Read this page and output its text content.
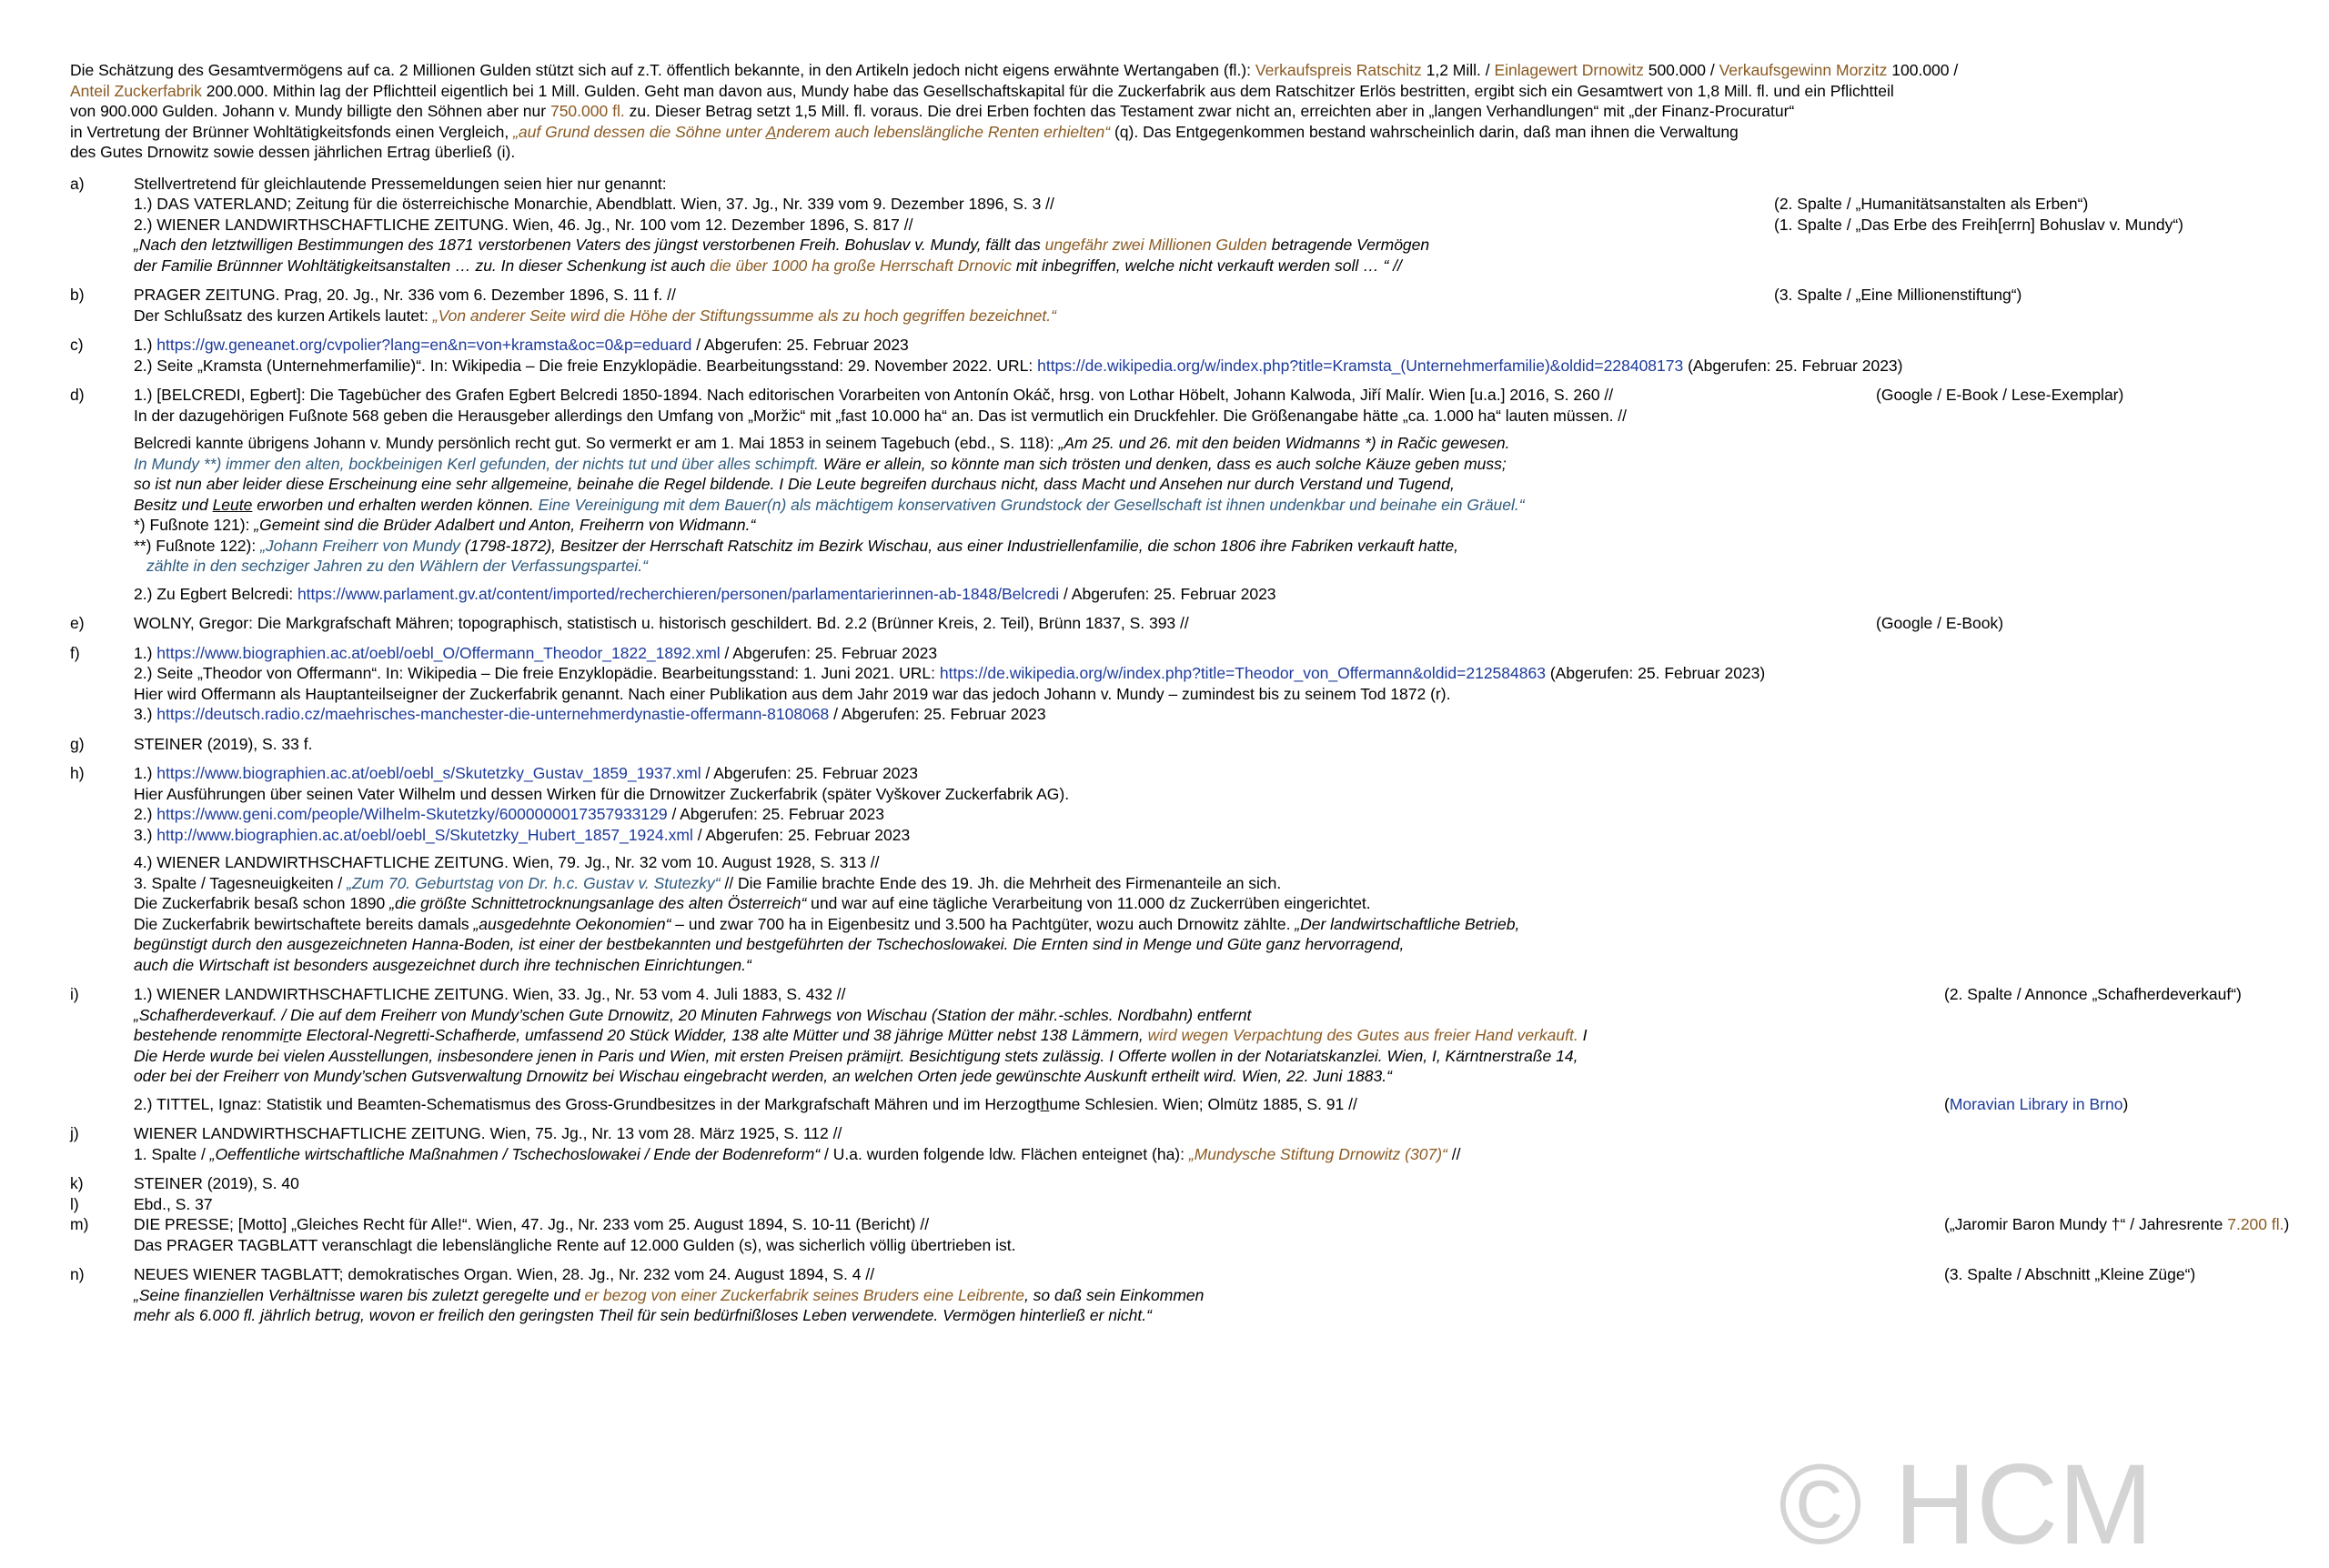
Die Schätzung des Gesamtvermögens auf ca. 2 Millionen Gulden stützt sich auf z.T. öffentlich bekannte, in den Artikeln jedoch nicht eigens erwähnte Wertangaben (fl.): Verkaufspreis Ratschitz 1,2 Mill. / Einlagewert Drnowitz 500.000 / Verkaufsgewinn Morzitz 100.000 /
Anteil Zuckerfabrik 200.000. Mithin lag der Pflichtteil eigentlich bei 1 Mill. Gulden. Geht man davon aus, Mundy habe das Gesellschaftskapital für die Zuckerfabrik aus dem Ratschitzer Erlös bestritten, ergibt sich ein Gesamtwert von 1,8 Mill. fl. und ein Pflichtteil
von 900.000 Gulden. Johann v. Mundy billigte den Söhnen aber nur 750.000 fl. zu. Dieser Betrag setzt 1,5 Mill. fl. voraus. Die drei Erben fochten das Testament zwar nicht an, erreichten aber in „langen Verhandlungen“ mit „der Finanz-Procuratur“
in Vertretung der Brünner Wohltätigkeitsfonds einen Vergleich, „auf Grund dessen die Söhne unter Anderem auch lebenslängliche Renten erhielten“ (q). Das Entgegenkommen bestand wahrscheinlich darin, daß man ihnen die Verwaltung
des Gutes Drnowitz sowie dessen jährlichen Ertrag überließ (i).
a)	Stellvertretend für gleichlautende Pressemeldungen seien hier nur genannt:
1.) DAS VATERLAND; Zeitung für die österreichische Monarchie, Abendblatt. Wien, 37. Jg., Nr. 339 vom 9. Dezember 1896, S. 3 //	(2. Spalte / „Humanitätsanstalten als Erben“)
2.) WIENER LANDWIRTHSCHAFTLICHE ZEITUNG. Wien, 46. Jg., Nr. 100 vom 12. Dezember 1896, S. 817 //	(1. Spalte / „Das Erbe des Freih[errn] Bohuslav v. Mundy“)
„Nach den letztwilligen Bestimmungen des 1871 verstorbenen Vaters des jüngst verstorbenen Freih. Bohuslav v. Mundy, fällt das ungefähr zwei Millionen Gulden betragende Vermögen
der Familie Brünnner Wohltätigkeitsanstalten … zu. In dieser Schenkung ist auch die über 1000 ha große Herrschaft Drnovic mit inbegriffen, welche nicht verkauft werden soll … “ //
b)	PRAGER ZEITUNG. Prag, 20. Jg., Nr. 336 vom 6. Dezember 1896, S. 11 f. //	(3. Spalte / „Eine Millionenstiftung“)
Der Schlußsatz des kurzen Artikels lautet: „Von anderer Seite wird die Höhe der Stiftungssumme als zu hoch gegriffen bezeichnet.“
c)	1.) https://gw.geneanet.org/cvpolier?lang=en&n=von+kramsta&oc=0&p=eduard / Abgerufen: 25. Februar 2023
2.) Seite „Kramsta (Unternehmerfamilie)“. In: Wikipedia – Die freie Enzyklopädie. Bearbeitungsstand: 29. November 2022. URL: https://de.wikipedia.org/w/index.php?title=Kramsta_(Unternehmerfamilie)&oldid=228408173 (Abgerufen: 25. Februar 2023)
d)	1.) [BELCREDI, Egbert]: Die Tagebücher des Grafen Egbert Belcredi 1850-1894. Nach editorischen Vorarbeiten von Antonín Okáč, hrsg. von Lothar Höbelt, Johann Kalwoda, Jiří Malír. Wien [u.a.] 2016, S. 260 //	(Google / E-Book / Lese-Exemplar)
In der dazugehörigen Fußnote 568 geben die Herausgeber allerdings den Umfang von „Moržic“ mit „fast 10.000 ha“ an. Das ist vermutlich ein Druckfehler. Die Größenangabe hätte „ca. 1.000 ha“ lauten müssen. //
Belcredi kannte übrigens Johann v. Mundy persönlich recht gut. So vermerkt er am 1. Mai 1853 in seinem Tagebuch (ebd., S. 118): „Am 25. und 26. mit den beiden Widmanns *) in Račic gewesen.
In Mundy **) immer den alten, bockbeinigen Kerl gefunden, der nichts tut und über alles schimpft. Wäre er allein, so könnte man sich trösten und denken, dass es auch solche Käuze geben muss;
so ist nun aber leider diese Erscheinung eine sehr allgemeine, beinahe die Regel bildende. I Die Leute begreifen durchaus nicht, dass Macht und Ansehen nur durch Verstand und Tugend,
Besitz und Leute erworben und erhalten werden können. Eine Vereinigung mit dem Bauer(n) als mächtigem konservativen Grundstock der Gesellschaft ist ihnen undenkbar und beinahe ein Gräuel.“
*) Fußnote 121): „Gemeint sind die Brüder Adalbert und Anton, Freiherrn von Widmann.“
**) Fußnote 122): „Johann Freiherr von Mundy (1798-1872), Besitzer der Herrschaft Ratschitz im Bezirk Wischau, aus einer Industriellenfamilie, die schon 1806 ihre Fabriken verkauft hatte,
zählte in den sechziger Jahren zu den Wählern der Verfassungspartei.“
2.) Zu Egbert Belcredi: https://www.parlament.gv.at/content/imported/recherchieren/personen/parlamentarierinnen-ab-1848/Belcredi / Abgerufen: 25. Februar 2023
e)	WOLNY, Gregor: Die Markgrafschaft Mähren; topographisch, statistisch u. historisch geschildert. Bd. 2.2 (Brünner Kreis, 2. Teil), Brünn 1837, S. 393 //	(Google / E-Book)
f)	1.) https://www.biographien.ac.at/oebl/oebl_O/Offermann_Theodor_1822_1892.xml / Abgerufen: 25. Februar 2023
2.) Seite „Theodor von Offermann“. In: Wikipedia – Die freie Enzyklopädie. Bearbeitungsstand: 1. Juni 2021. URL: https://de.wikipedia.org/w/index.php?title=Theodor_von_Offermann&oldid=212584863 (Abgerufen: 25. Februar 2023)
Hier wird Offermann als Hauptanteilseigner der Zuckerfabrik genannt. Nach einer Publikation aus dem Jahr 2019 war das jedoch Johann v. Mundy – zumindest bis zu seinem Tod 1872 (r).
3.) https://deutsch.radio.cz/maehrisches-manchester-die-unternehmerdynastie-offermann-8108068 / Abgerufen: 25. Februar 2023
g)	STEINER (2019), S. 33 f.
h)	1.) https://www.biographien.ac.at/oebl/oebl_s/Skutetzky_Gustav_1859_1937.xml / Abgerufen: 25. Februar 2023
Hier Ausführungen über seinen Vater Wilhelm und dessen Wirken für die Drnowitzer Zuckerfabrik (später Vyškover Zuckerfabrik AG).
2.) https://www.geni.com/people/Wilhelm-Skutetzky/6000000017357933129 / Abgerufen: 25. Februar 2023
3.) http://www.biographien.ac.at/oebl/oebl_S/Skutetzky_Hubert_1857_1924.xml / Abgerufen: 25. Februar 2023
4.) WIENER LANDWIRTHSCHAFTLICHE ZEITUNG. Wien, 79. Jg., Nr. 32 vom 10. August 1928, S. 313 //
3. Spalte / Tagesneuigkeiten / „Zum 70. Geburtstag von Dr. h.c. Gustav v. Stutezky“ // Die Familie brachte Ende des 19. Jh. die Mehrheit des Firmenanteile an sich.
Die Zuckerfabrik besaß schon 1890 „die größte Schnittetrocknungsanlage des alten Österreich“ und war auf eine tägliche Verarbeitung von 11.000 dz Zuckerrüben eingerichtet.
Die Zuckerfabrik bewirtschaftete bereits damals „ausgedehnte Oekonomien“ – und zwar 700 ha in Eigenbesitz und 3.500 ha Pachtgüter, wozu auch Drnowitz zählte. „Der landwirtschaftliche Betrieb,
begünstigt durch den ausgezeichneten Hanna-Boden, ist einer der bestbekannten und bestgeführten der Tschechoslowakei. Die Ernten sind in Menge und Güte ganz hervorragend,
auch die Wirtschaft ist besonders ausgezeichnet durch ihre technischen Einrichtungen.“
i)	1.) WIENER LANDWIRTHSCHAFTLICHE ZEITUNG. Wien, 33. Jg., Nr. 53 vom 4. Juli 1883, S. 432 //	(2. Spalte / Annonce „Schafherdeverkauf“)
„Schafherdeverkauf. / Die auf dem Freiherr von Mundy’schen Gute Drnowitz, 20 Minuten Fahrwegs von Wischau (Station der mähr.-schles. Nordbahn) entfernt
bestehende renommirte Electoral-Negretti-Schafherde, umfassend 20 Stück Widder, 138 alte Mütter und 38 jährige Mütter nebst 138 Lämmern, wird wegen Verpachtung des Gutes aus freier Hand verkauft. I
Die Herde wurde bei vielen Ausstellungen, insbesondere jenen in Paris und Wien, mit ersten Preisen prämiirt. Besichtigung stets zulässig. I Offerte wollen in der Notariatskanzlei. Wien, I, Kärntnerstraße 14,
oder bei der Freiherr von Mundy’schen Gutsverwaltung Drnowitz bei Wischau eingebracht werden, an welchen Orten jede gewünschte Auskunft ertheilt wird. Wien, 22. Juni 1883.“
2.) TITTEL, Ignaz: Statistik und Beamten-Schematismus des Gross-Grundbesitzes in der Markgrafschaft Mähren und im Herzogthume Schlesien. Wien; Olmütz 1885, S. 91 //	(Moravian Library in Brno)
j)	WIENER LANDWIRTHSCHAFTLICHE ZEITUNG. Wien, 75. Jg., Nr. 13 vom 28. März 1925, S. 112 //
1. Spalte / „Oeffentliche wirtschaftliche Maßnahmen / Tschechoslowakei / Ende der Bodenreform“ / U.a. wurden folgende ldw. Flächen enteignet (ha): „Mundysche Stiftung Drnowitz (307)“ //
k)	STEINER (2019), S. 40
l)	Ebd., S. 37
m)	DIE PRESSE; [Motto] „Gleiches Recht für Alle!“. Wien, 47. Jg., Nr. 233 vom 25. August 1894, S. 10-11 (Bericht) //	(„Jaromir Baron Mundy †“ / Jahresrente 7.200 fl.)
Das PRAGER TAGBLATT veranschlagt die lebenslängliche Rente auf 12.000 Gulden (s), was sicherlich völlig übertrieben ist.
n)	NEUES WIENER TAGBLATT; demokratisches Organ. Wien, 28. Jg., Nr. 232 vom 24. August 1894, S. 4 //	(3. Spalte / Abschnitt „Kleine Züge“)
„Seine finanziellen Verhältnisse waren bis zuletzt geregelte und er bezog von einer Zuckerfabrik seines Bruders eine Leibrente, so daß sein Einkommen
mehr als 6.000 fl. jährlich betrug, wovon er freilich den geringsten Theil für sein bedürfnißloses Leben verwendete. Vermögen hinterließ er nicht.“
© HCM
